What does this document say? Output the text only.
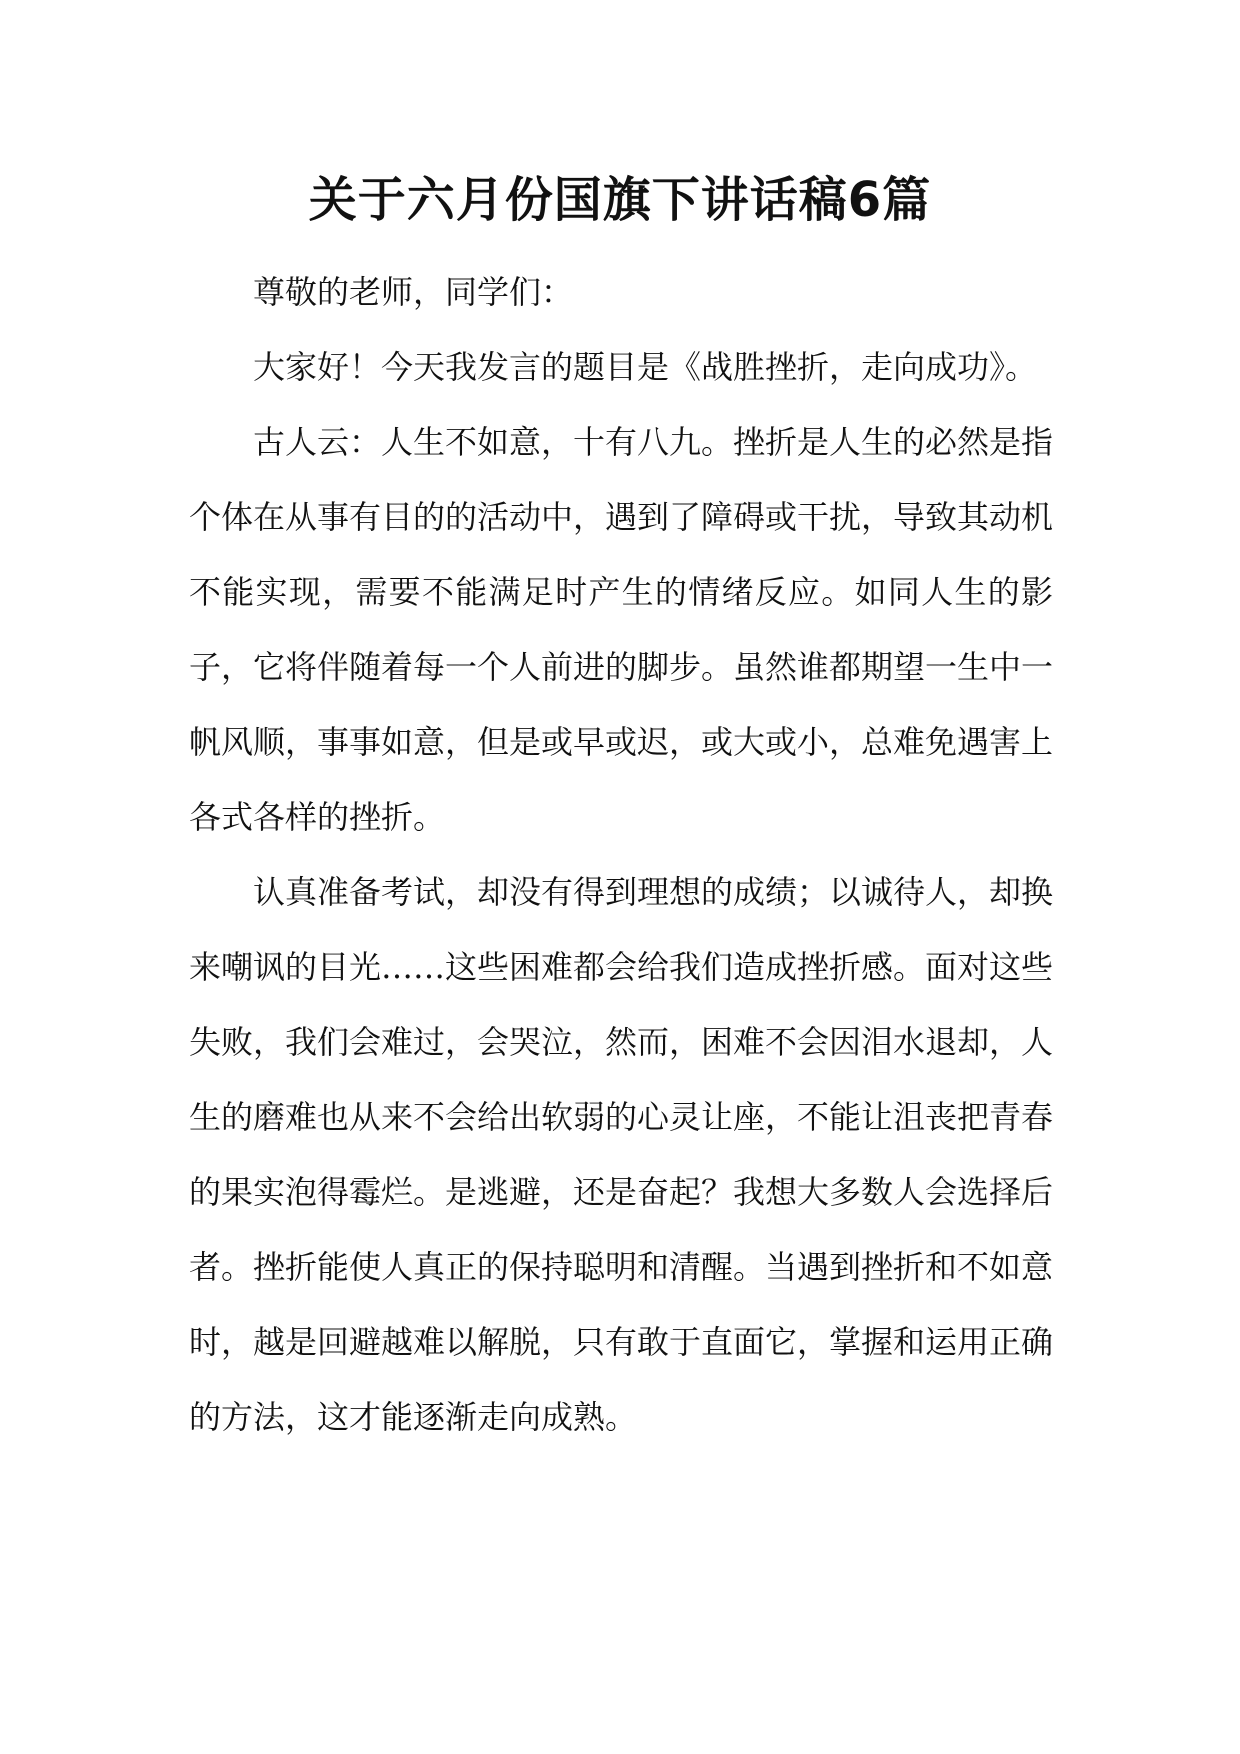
关于六月份国旗下讲话稿6篇

尊敬的老师，同学们：

大家好！今天我发言的题目是《战胜挫折，走向成功》。

古人云：人生不如意，十有八九。挫折是人生的必然是指个体在从事有目的的活动中，遇到了障碍或干扰，导致其动机不能实现，需要不能满足时产生的情绪反应。如同人生的影子，它将伴随着每一个人前进的脚步。虽然谁都期望一生中一帆风顺，事事如意，但是或早或迟，或大或小，总难免遇害上各式各样的挫折。

认真准备考试，却没有得到理想的成绩；以诚待人，却换来嘲讽的目光……这些困难都会给我们造成挫折感。面对这些失败，我们会难过，会哭泣，然而，困难不会因泪水退却，人生的磨难也从来不会给出软弱的心灵让座，不能让沮丧把青春的果实泡得霉烂。是逃避，还是奋起？我想大多数人会选择后者。挫折能使人真正的保持聪明和清醒。当遇到挫折和不如意时，越是回避越难以解脱，只有敢于直面它，掌握和运用正确的方法，这才能逐渐走向成熟。
